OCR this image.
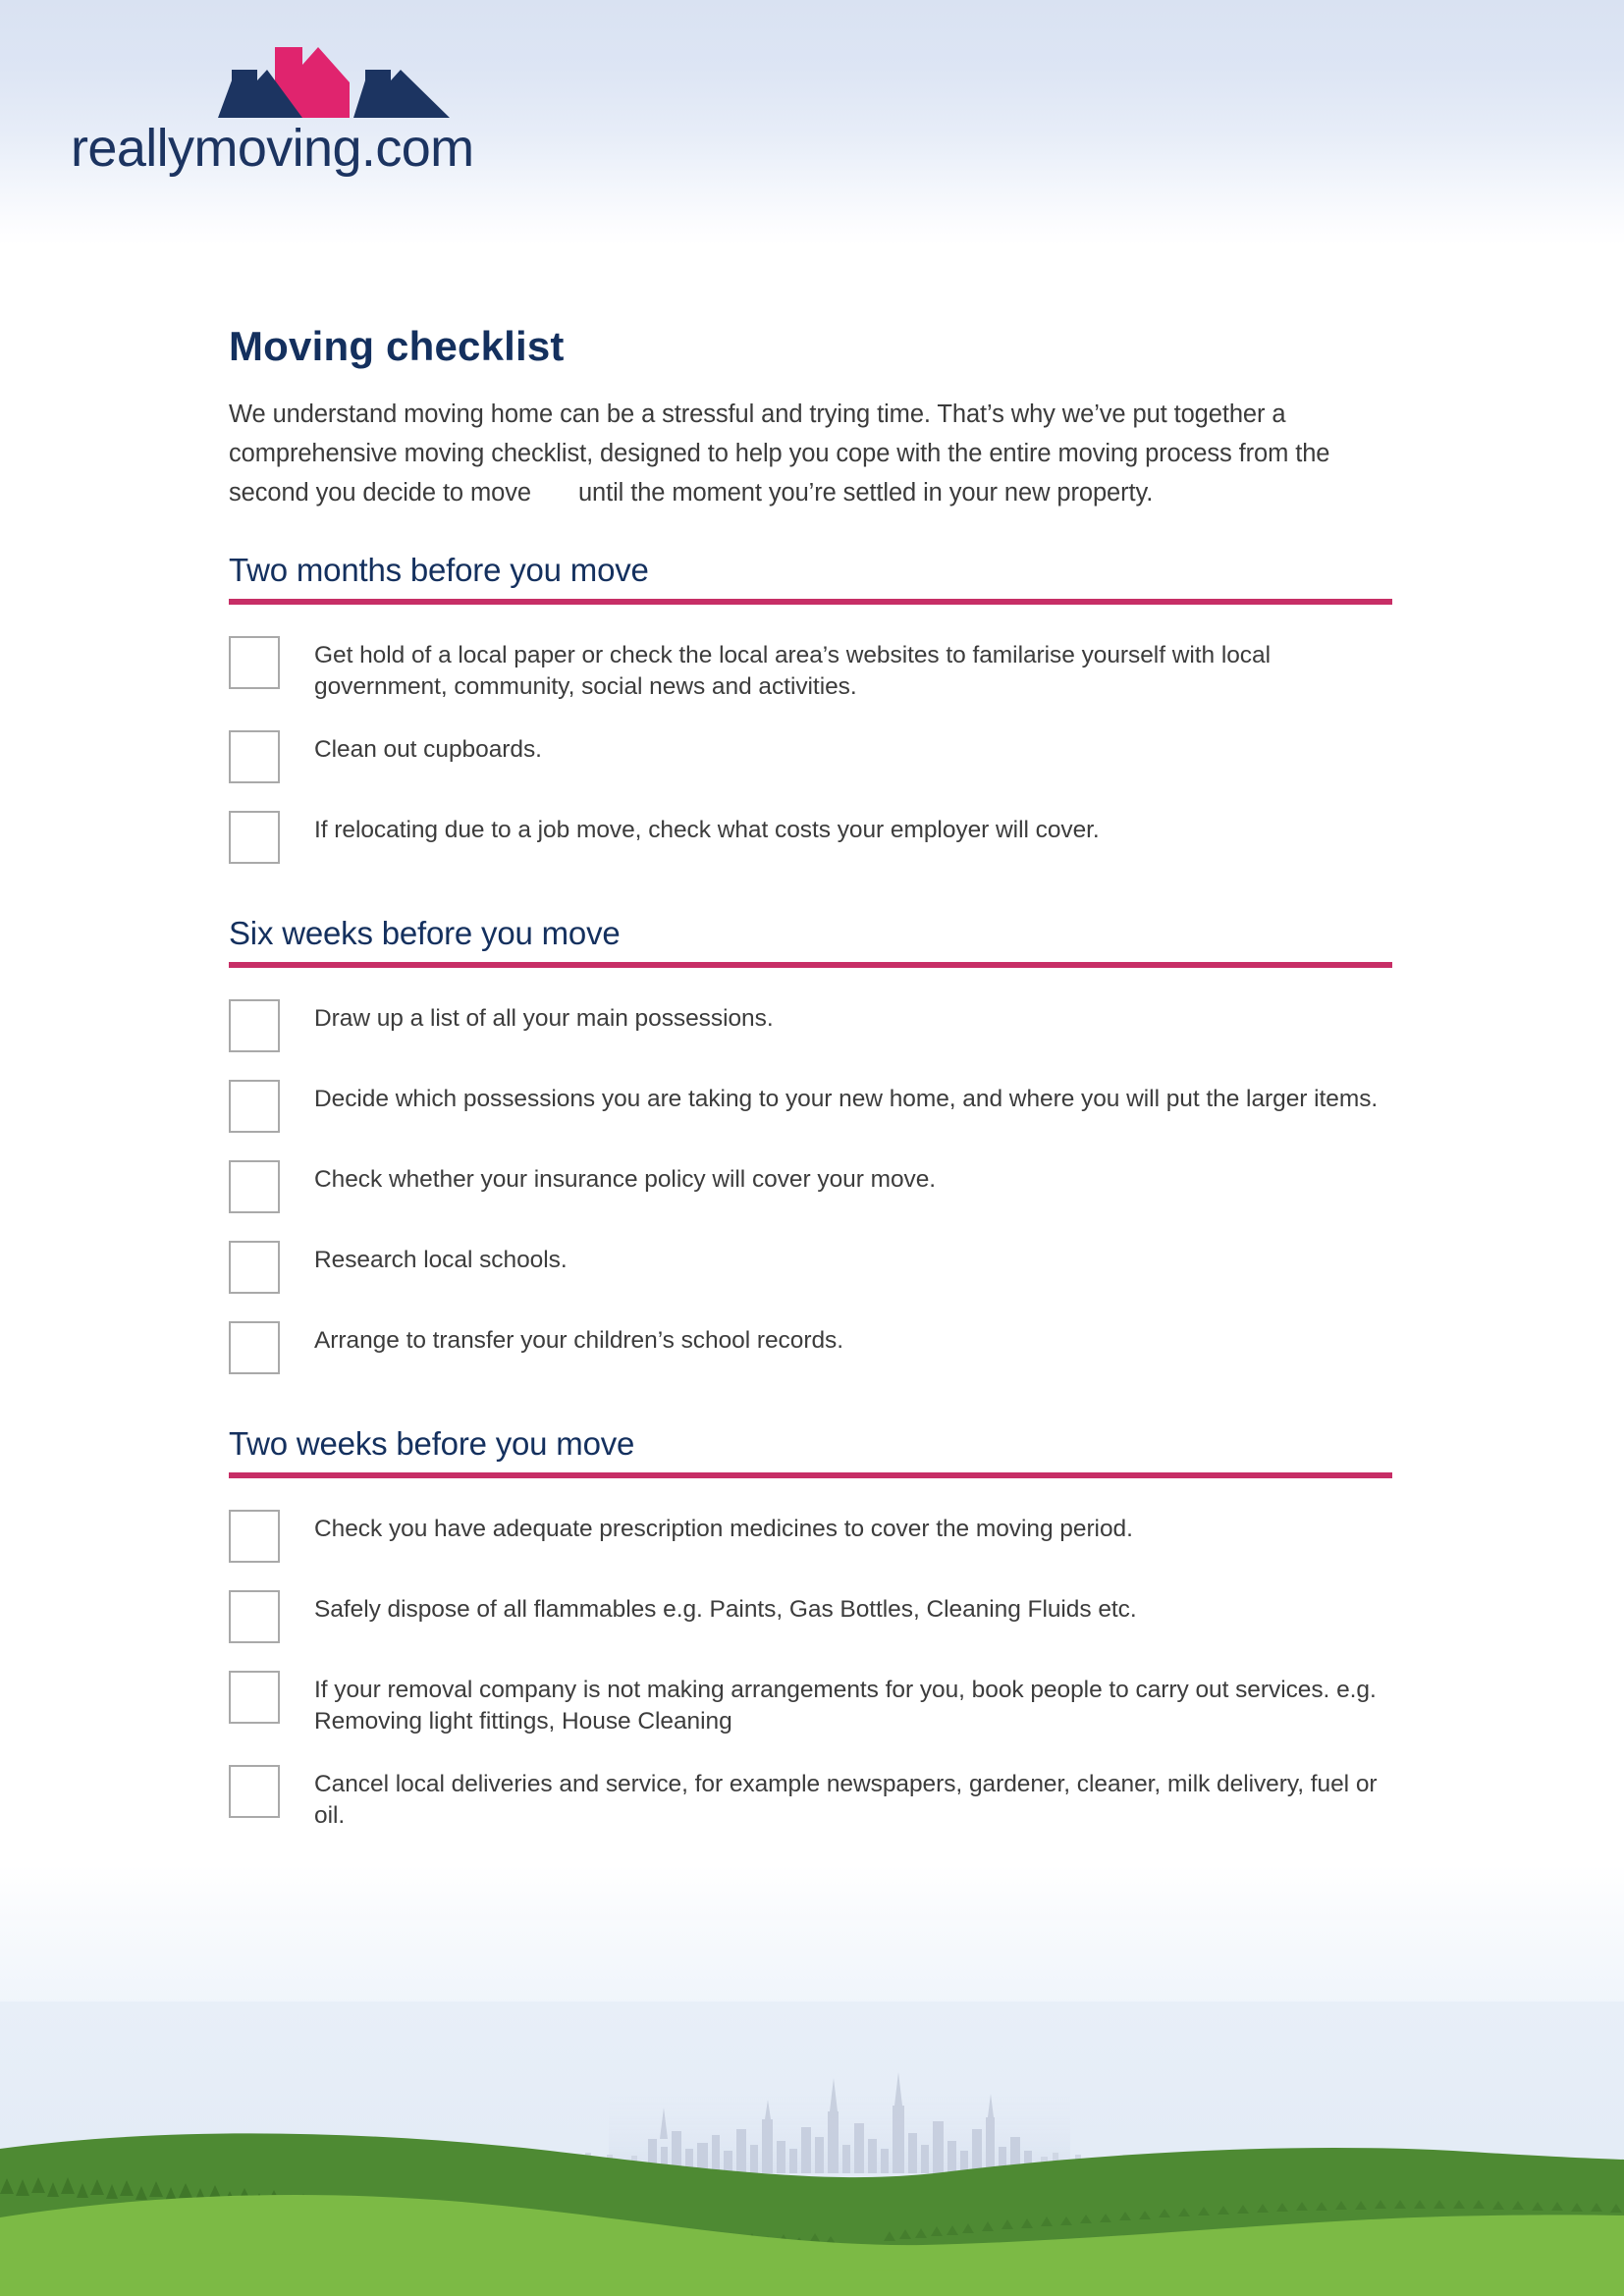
reallymoving.com
Moving checklist

We understand moving home can be a stressful and trying time. That’s why we’ve put together a comprehensive moving checklist, designed to help you cope with the entire moving process from the second you decide to move until the moment you’re settled in your new property.

Two months before you move
Get hold of a local paper or check the local area’s websites to familarise yourself with local government, community, social news and activities.
Clean out cupboards.
If relocating due to a job move, check what costs your employer will cover.
Six weeks before you move
Draw up a list of all your main possessions.
Decide which possessions you are taking to your new home, and where you will put the larger items.
Check whether your insurance policy will cover your move.
Research local schools.
Arrange to transfer your children’s school records.
Two weeks before you move
Check you have adequate prescription medicines to cover the moving period.
Safely dispose of all flammables e.g. Paints, Gas Bottles, Cleaning Fluids etc.
If your removal company is not making arrangements for you, book people to carry out services. e.g. Removing light fittings, House Cleaning
Cancel local deliveries and service, for example newspapers, gardener, cleaner, milk delivery, fuel or oil.
